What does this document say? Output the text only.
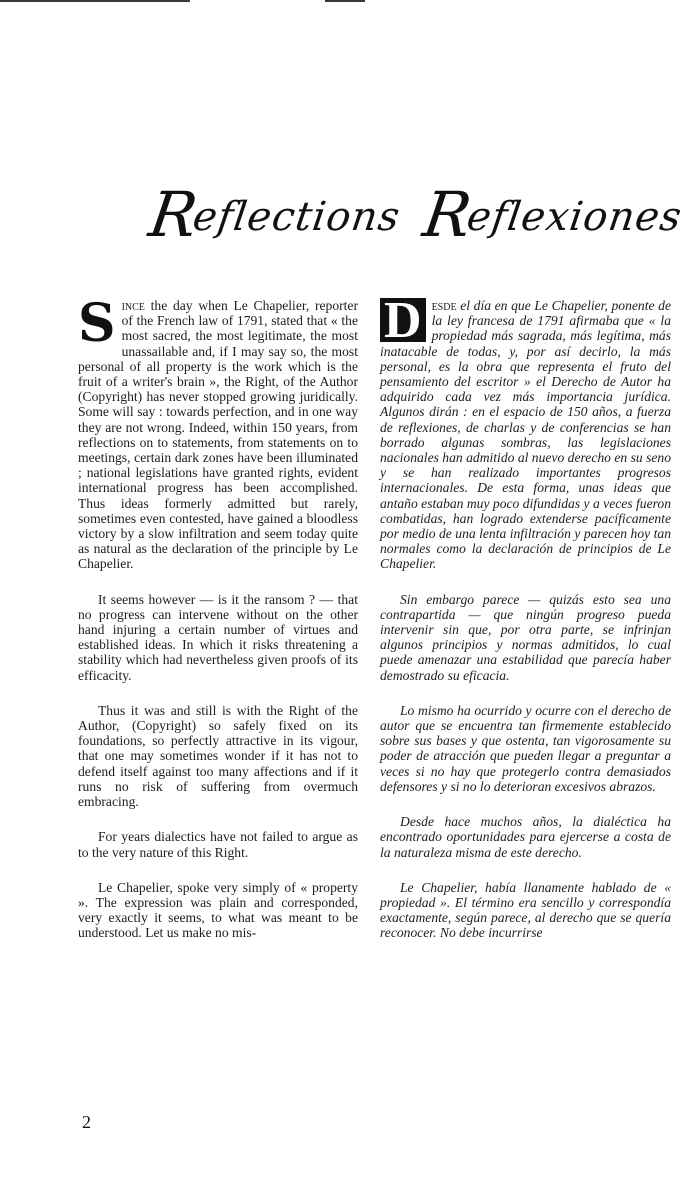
Reflections Reflexiones

Since the day when Le Chapelier, reporter of the French law of 1791, stated that « the most sacred, the most legitimate, the most unassailable and, if I may say so, the most personal of all property is the work which is the fruit of a writer's brain », the Right, of the Author (Copyright) has never stopped growing juridically. Some will say : towards perfection, and in one way they are not wrong. Indeed, within 150 years, from reflections on to statements, from statements on to meetings, certain dark zones have been illuminated ; national legislations have granted rights, evident international progress has been accomplished. Thus ideas formerly admitted but rarely, sometimes even contested, have gained a bloodless victory by a slow infiltration and seem today quite as natural as the declaration of the principle by Le Chapelier.

It seems however — is it the ransom ? — that no progress can intervene without on the other hand injuring a certain number of virtues and established ideas. In which it risks threatening a stability which had nevertheless given proofs of its efficacity.

Thus it was and still is with the Right of the Author, (Copyright) so safely fixed on its foundations, so perfectly attractive in its vigour, that one may sometimes wonder if it has not to defend itself against too many affections and if it runs no risk of suffering from overmuch embracing.

For years dialectics have not failed to argue as to the very nature of this Right.

Le Chapelier, spoke very simply of « property ». The expression was plain and corresponded, very exactly it seems, to what was meant to be understood. Let us make no mis-

D esde el día en que Le Chapelier, ponente de la ley francesa de 1791 afirmaba que « la propiedad más sagrada, más legítima, más inatacable de todas, y, por así decirlo, la más personal, es la obra que representa el fruto del pensamiento del escritor » el Derecho de Autor ha adquirido cada vez más importancia jurídica. Algunos dirán : en el espacio de 150 años, a fuerza de reflexiones, de charlas y de conferencias se han borrado algunas sombras, las legislaciones nacionales han admitido al nuevo derecho en su seno y se han realizado importantes progresos internacionales. De esta forma, unas ideas que antaño estaban muy poco difundidas y a veces fueron combatidas, han logrado extenderse pacíficamente por medio de una lenta infiltración y parecen hoy tan normales como la declaración de principios de Le Chapelier.

Sin embargo parece — quizás esto sea una contrapartida — que ningún progreso pueda intervenir sin que, por otra parte, se infrinjan algunos principios y normas admitidos, lo cual puede amenazar una estabilidad que parecía haber demostrado su eficacia.

Lo mismo ha ocurrido y ocurre con el derecho de autor que se encuentra tan firmemente establecido sobre sus bases y que ostenta, tan vigorosamente su poder de atracción que pueden llegar a preguntar a veces si no hay que protegerlo contra demasiados defensores y si no lo deterioran excesivos abrazos.

Desde hace muchos años, la dialéctica ha encontrado oportunidades para ejercerse a costa de la naturaleza misma de este derecho.

Le Chapelier, había llanamente hablado de « propiedad ». El término era sencillo y correspondía exactamente, según parece, al derecho que se quería reconocer. No debe incurrirse

2
